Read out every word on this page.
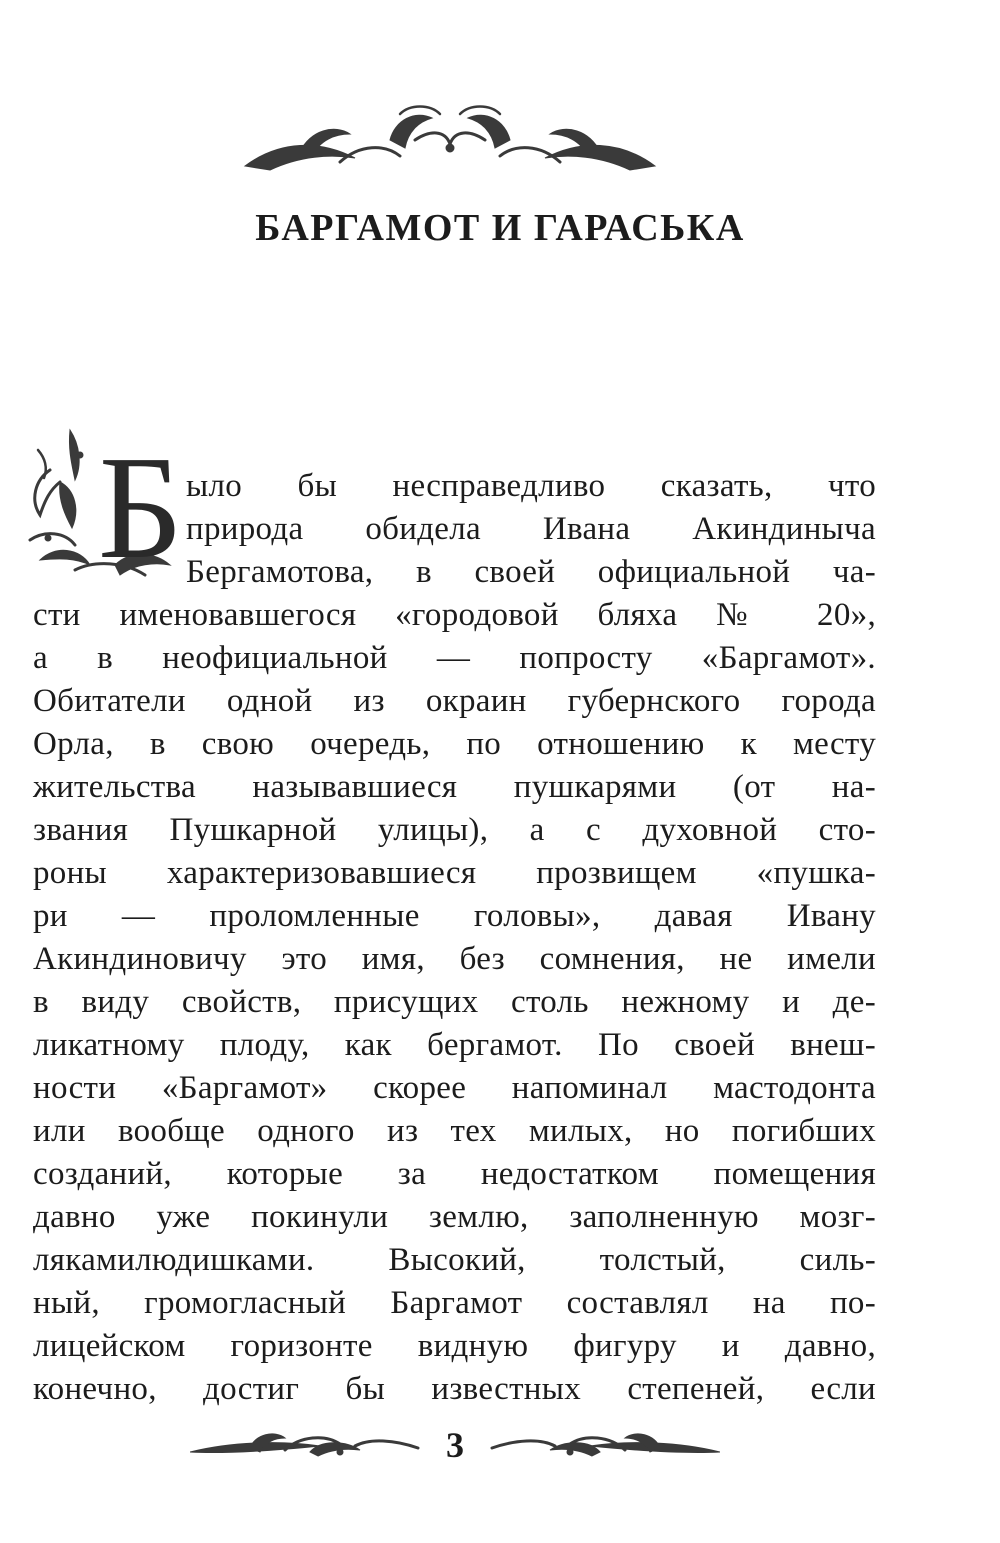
БАРГАМОТ И ГАРАСЬКА
Б ыло бы несправедливо сказать, что
природа обидела Ивана Акиндиныча
Бергамотова, в своей официальной ча-
сти именовавшегося «городовой бляха № 20»,
а в неофициальной — попросту «Баргамот».
Обитатели одной из окраин губернского города
Орла, в свою очередь, по отношению к месту
жительства называвшиеся пушкарями (от на-
звания Пушкарной улицы), а с духовной сто-
роны характеризовавшиеся прозвищем «пушка-
ри — проломленные головы», давая Ивану
Акиндиновичу это имя, без сомнения, не имели
в виду свойств, присущих столь нежному и де-
ликатному плоду, как бергамот. По своей внеш-
ности «Баргамот» скорее напоминал мастодонта
или вообще одного из тех милых, но погибших
созданий, которые за недостатком помещения
давно уже покинули землю, заполненную мозг-
лякамилюдишками. Высокий, толстый, силь-
ный, громогласный Баргамот составлял на по-
лицейском горизонте видную фигуру и давно,
конечно, достиг бы известных степеней, если
3
